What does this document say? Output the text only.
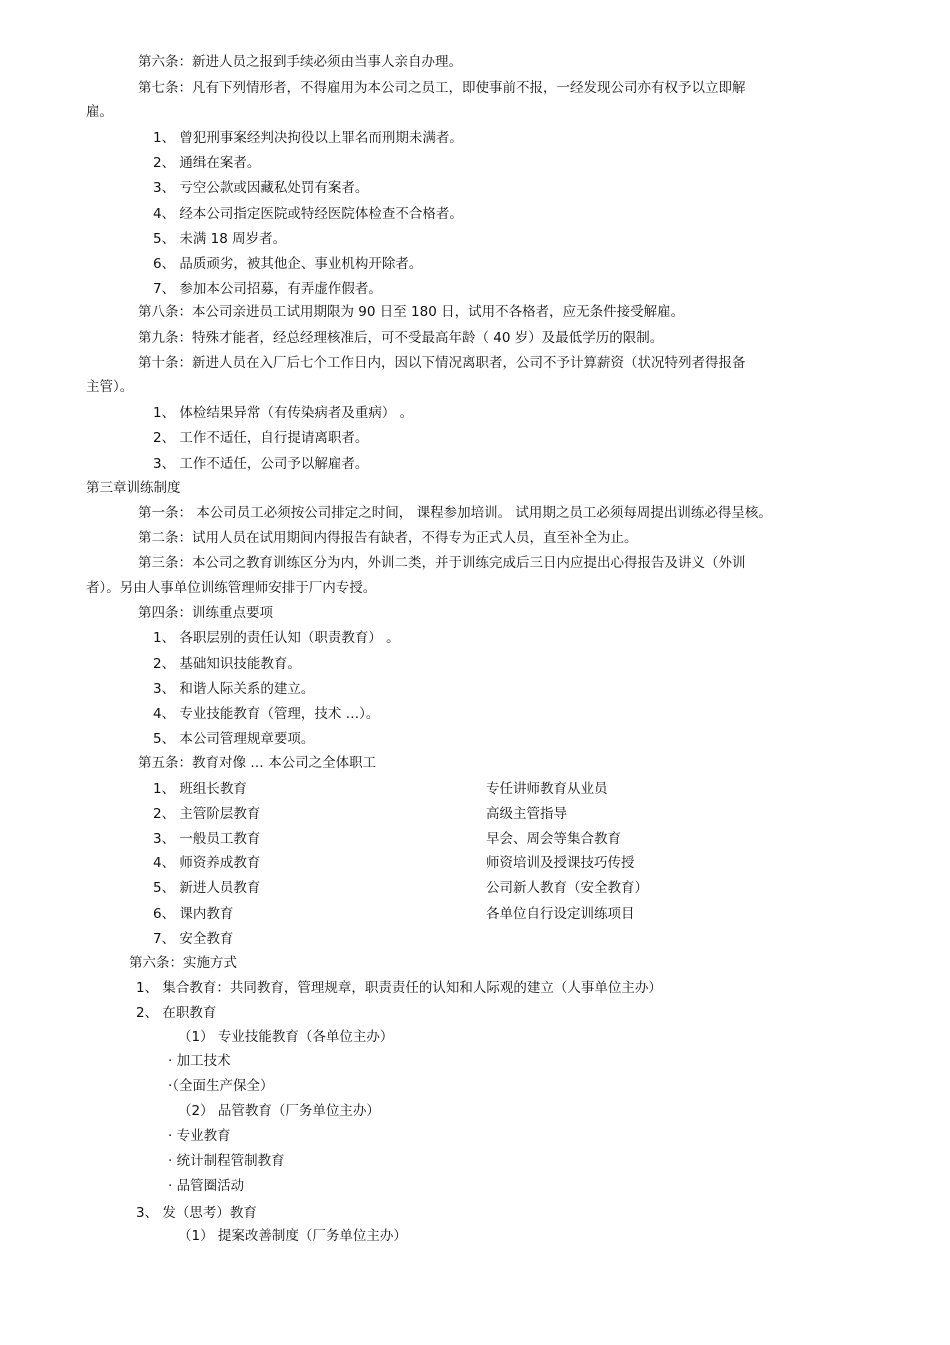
第六条：新进人员之报到手续必须由当事人亲自办理。
第七条：凡有下列情形者，不得雇用为本公司之员工，即使事前不报，一经发现公司亦有权予以立即解
雇。
1、 曾犯刑事案经判决拘役以上罪名而刑期未满者。
2、 通缉在案者。
3、 亏空公款或因藏私处罚有案者。
4、 经本公司指定医院或特经医院体检查不合格者。
5、 未满 18 周岁者。
6、 品质顽劣，被其他企、事业机构开除者。
7、 参加本公司招募，有弄虚作假者。
第八条：本公司亲进员工试用期限为 90 日至 180 日，试用不各格者，应无条件接受解雇。
第九条：特殊才能者，经总经理核准后，可不受最高年龄（ 40 岁）及最低学历的限制。
第十条：新进人员在入厂后七个工作日内，因以下情况离职者，公司不予计算薪资（状况特列者得报备
主管）。
1、 体检结果异常（有传染病者及重病） 。
2、 工作不适任，自行提请离职者。
3、 工作不适任，公司予以解雇者。
第三章训练制度
第一条： 本公司员工必须按公司排定之时间， 课程参加培训。 试用期之员工必须每周提出训练必得呈核。
第二条：试用人员在试用期间内得报告有缺者，不得专为正式人员，直至补全为止。
第三条：本公司之教育训练区分为内，外训二类，并于训练完成后三日内应提出心得报告及讲义（外训
者）。另由人事单位训练管理师安排于厂内专授。
第四条：训练重点要项
1、 各职层别的责任认知（职责教育） 。
2、 基础知识技能教育。
3、 和谐人际关系的建立。
4、 专业技能教育（管理，技术 …）。
5、 本公司管理规章要项。
第五条：教育对像 … 本公司之全体职工
1、 班组长教育	专任讲师教育从业员
2、 主管阶层教育	高级主管指导
3、 一般员工教育	早会、周会等集合教育
4、 师资养成教育	师资培训及授课技巧传授
5、 新进人员教育	公司新人教育（安全教育）
6、 课内教育	各单位自行设定训练项目
7、 安全教育
第六条：实施方式
1、 集合教育：共同教育，管理规章，职责责任的认知和人际观的建立（人事单位主办）
2、 在职教育
（1） 专业技能教育（各单位主办）
· 加工技术
·（全面生产保全）
（2） 品管教育（厂务单位主办）
· 专业教育
· 统计制程管制教育
· 品管圈活动
3、 发（思考）教育
（1） 提案改善制度（厂务单位主办）
